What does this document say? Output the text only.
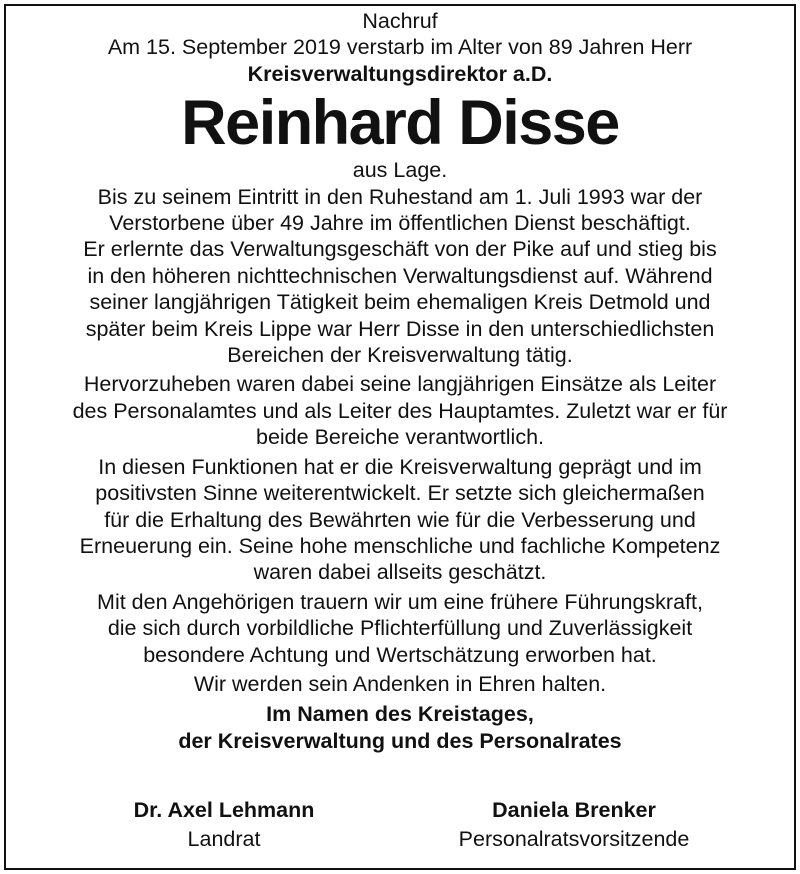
Nachruf
Am 15. September 2019 verstarb im Alter von 89 Jahren Herr
Kreisverwaltungsdirektor a.D.
Reinhard Disse
aus Lage.
Bis zu seinem Eintritt in den Ruhestand am 1. Juli 1993 war der
Verstorbene über 49 Jahre im öffentlichen Dienst beschäftigt.
Er erlernte das Verwaltungsgeschäft von der Pike auf und stieg bis
in den höheren nichttechnischen Verwaltungsdienst auf. Während
seiner langjährigen Tätigkeit beim ehemaligen Kreis Detmold und
später beim Kreis Lippe war Herr Disse in den unterschiedlichsten
Bereichen der Kreisverwaltung tätig.
Hervorzuheben waren dabei seine langjährigen Einsätze als Leiter
des Personalamtes und als Leiter des Hauptamtes. Zuletzt war er für
beide Bereiche verantwortlich.
In diesen Funktionen hat er die Kreisverwaltung geprägt und im
positivsten Sinne weiterentwickelt. Er setzte sich gleichermaßen
für die Erhaltung des Bewährten wie für die Verbesserung und
Erneuerung ein. Seine hohe menschliche und fachliche Kompetenz
waren dabei allseits geschätzt.
Mit den Angehörigen trauern wir um eine frühere Führungskraft,
die sich durch vorbildliche Pflichterfüllung und Zuverlässigkeit
besondere Achtung und Wertschätzung erworben hat.
Wir werden sein Andenken in Ehren halten.
Im Namen des Kreistages,
der Kreisverwaltung und des Personalrates
Dr. Axel Lehmann
Landrat
Daniela Brenker
Personalratsvorsitzende
